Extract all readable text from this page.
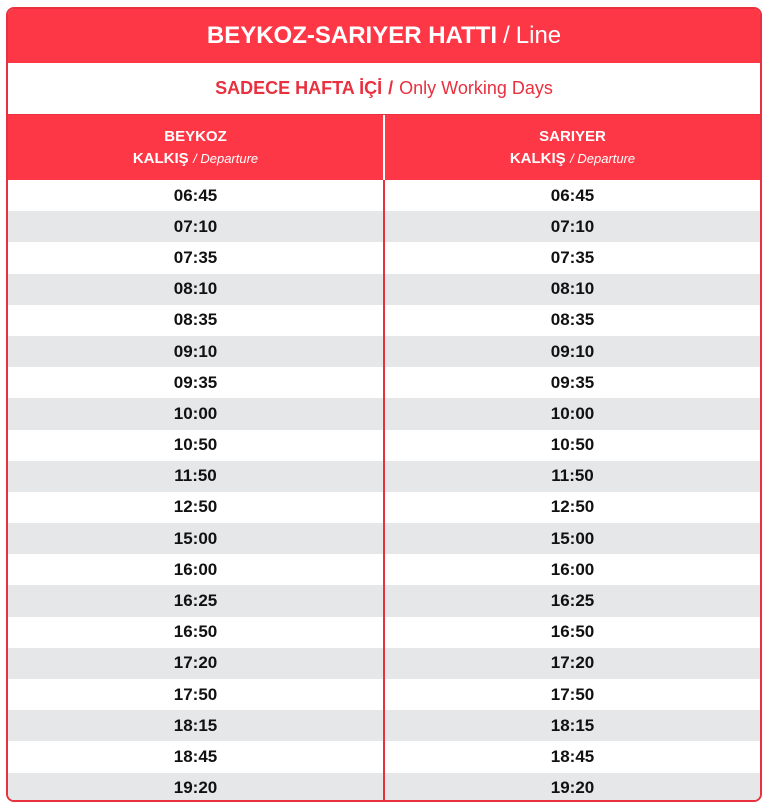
BEYKOZ-SARIYER HATTI / Line
SADECE HAFTA İÇİ / Only Working Days
BEYKOZ
KALKIŞ / Departure
SARIYER
KALKIŞ / Departure
06:45	06:45
07:10	07:10
07:35	07:35
08:10	08:10
08:35	08:35
09:10	09:10
09:35	09:35
10:00	10:00
10:50	10:50
11:50	11:50
12:50	12:50
15:00	15:00
16:00	16:00
16:25	16:25
16:50	16:50
17:20	17:20
17:50	17:50
18:15	18:15
18:45	18:45
19:20	19:20
